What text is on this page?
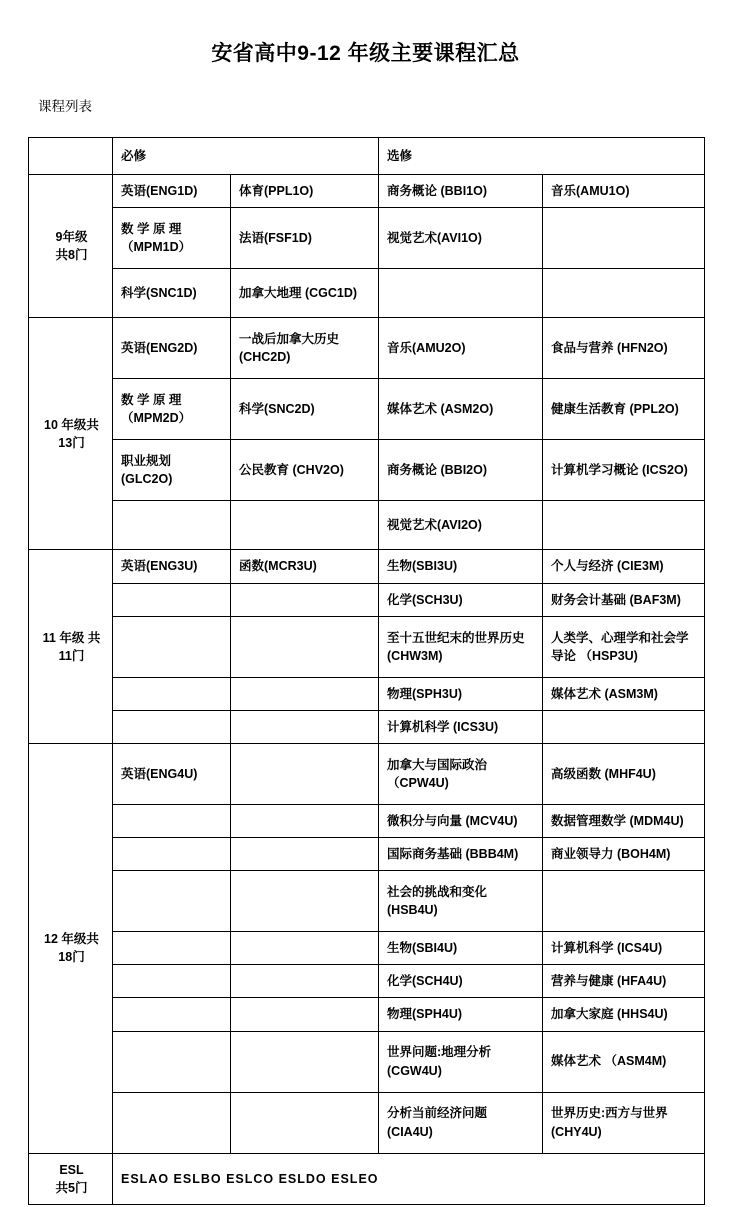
安省高中9-12 年级主要课程汇总
课程列表
	必修		选修	

9年级
共8门	英语(ENG1D)	体育(PPL1O)	商务概论 (BBI1O)	音乐(AMU1O)
	数 学 原 理 （MPM1D）	法语(FSF1D)	视觉艺术(AVI1O)	
	科学(SNC1D)	加拿大地理 (CGC1D)		

10 年级共
13门	英语(ENG2D)	一战后加拿大历史 (CHC2D)	音乐(AMU2O)	食品与营养 (HFN2O)
	数 学 原 理 （MPM2D）	科学(SNC2D)	媒体艺术 (ASM2O)	健康生活教育 (PPL2O)
	职业规划 (GLC2O)	公民教育 (CHV2O)	商务概论 (BBI2O)	计算机学习概论 (ICS2O)
			视觉艺术(AVI2O)	

11 年级 共
11门	英语(ENG3U)	函数(MCR3U)	生物(SBI3U)	个人与经济 (CIE3M)
			化学(SCH3U)	财务会计基础 (BAF3M)
			至十五世纪末的世界历史 (CHW3M)	人类学、心理学和社会学导论 （HSP3U)
			物理(SPH3U)	媒体艺术 (ASM3M)
			计算机科学 (ICS3U)	

12 年级共
18门	英语(ENG4U)		加拿大与国际政治 （CPW4U)	高级函数 (MHF4U)
			微积分与向量 (MCV4U)	数据管理数学 (MDM4U)
			国际商务基础 (BBB4M)	商业领导力 (BOH4M)
			社会的挑战和变化 (HSB4U)	
			生物(SBI4U)	计算机科学 (ICS4U)
			化学(SCH4U)	营养与健康 (HFA4U)
			物理(SPH4U)	加拿大家庭 (HHS4U)
			世界问题:地理分析 (CGW4U)	媒体艺术 （ASM4M)
			分析当前经济问题 (CIA4U)	世界历史:西方与世界 (CHY4U)

ESL
共5门	ESLAO ESLBO ESLCO ESLDO ESLEO			
